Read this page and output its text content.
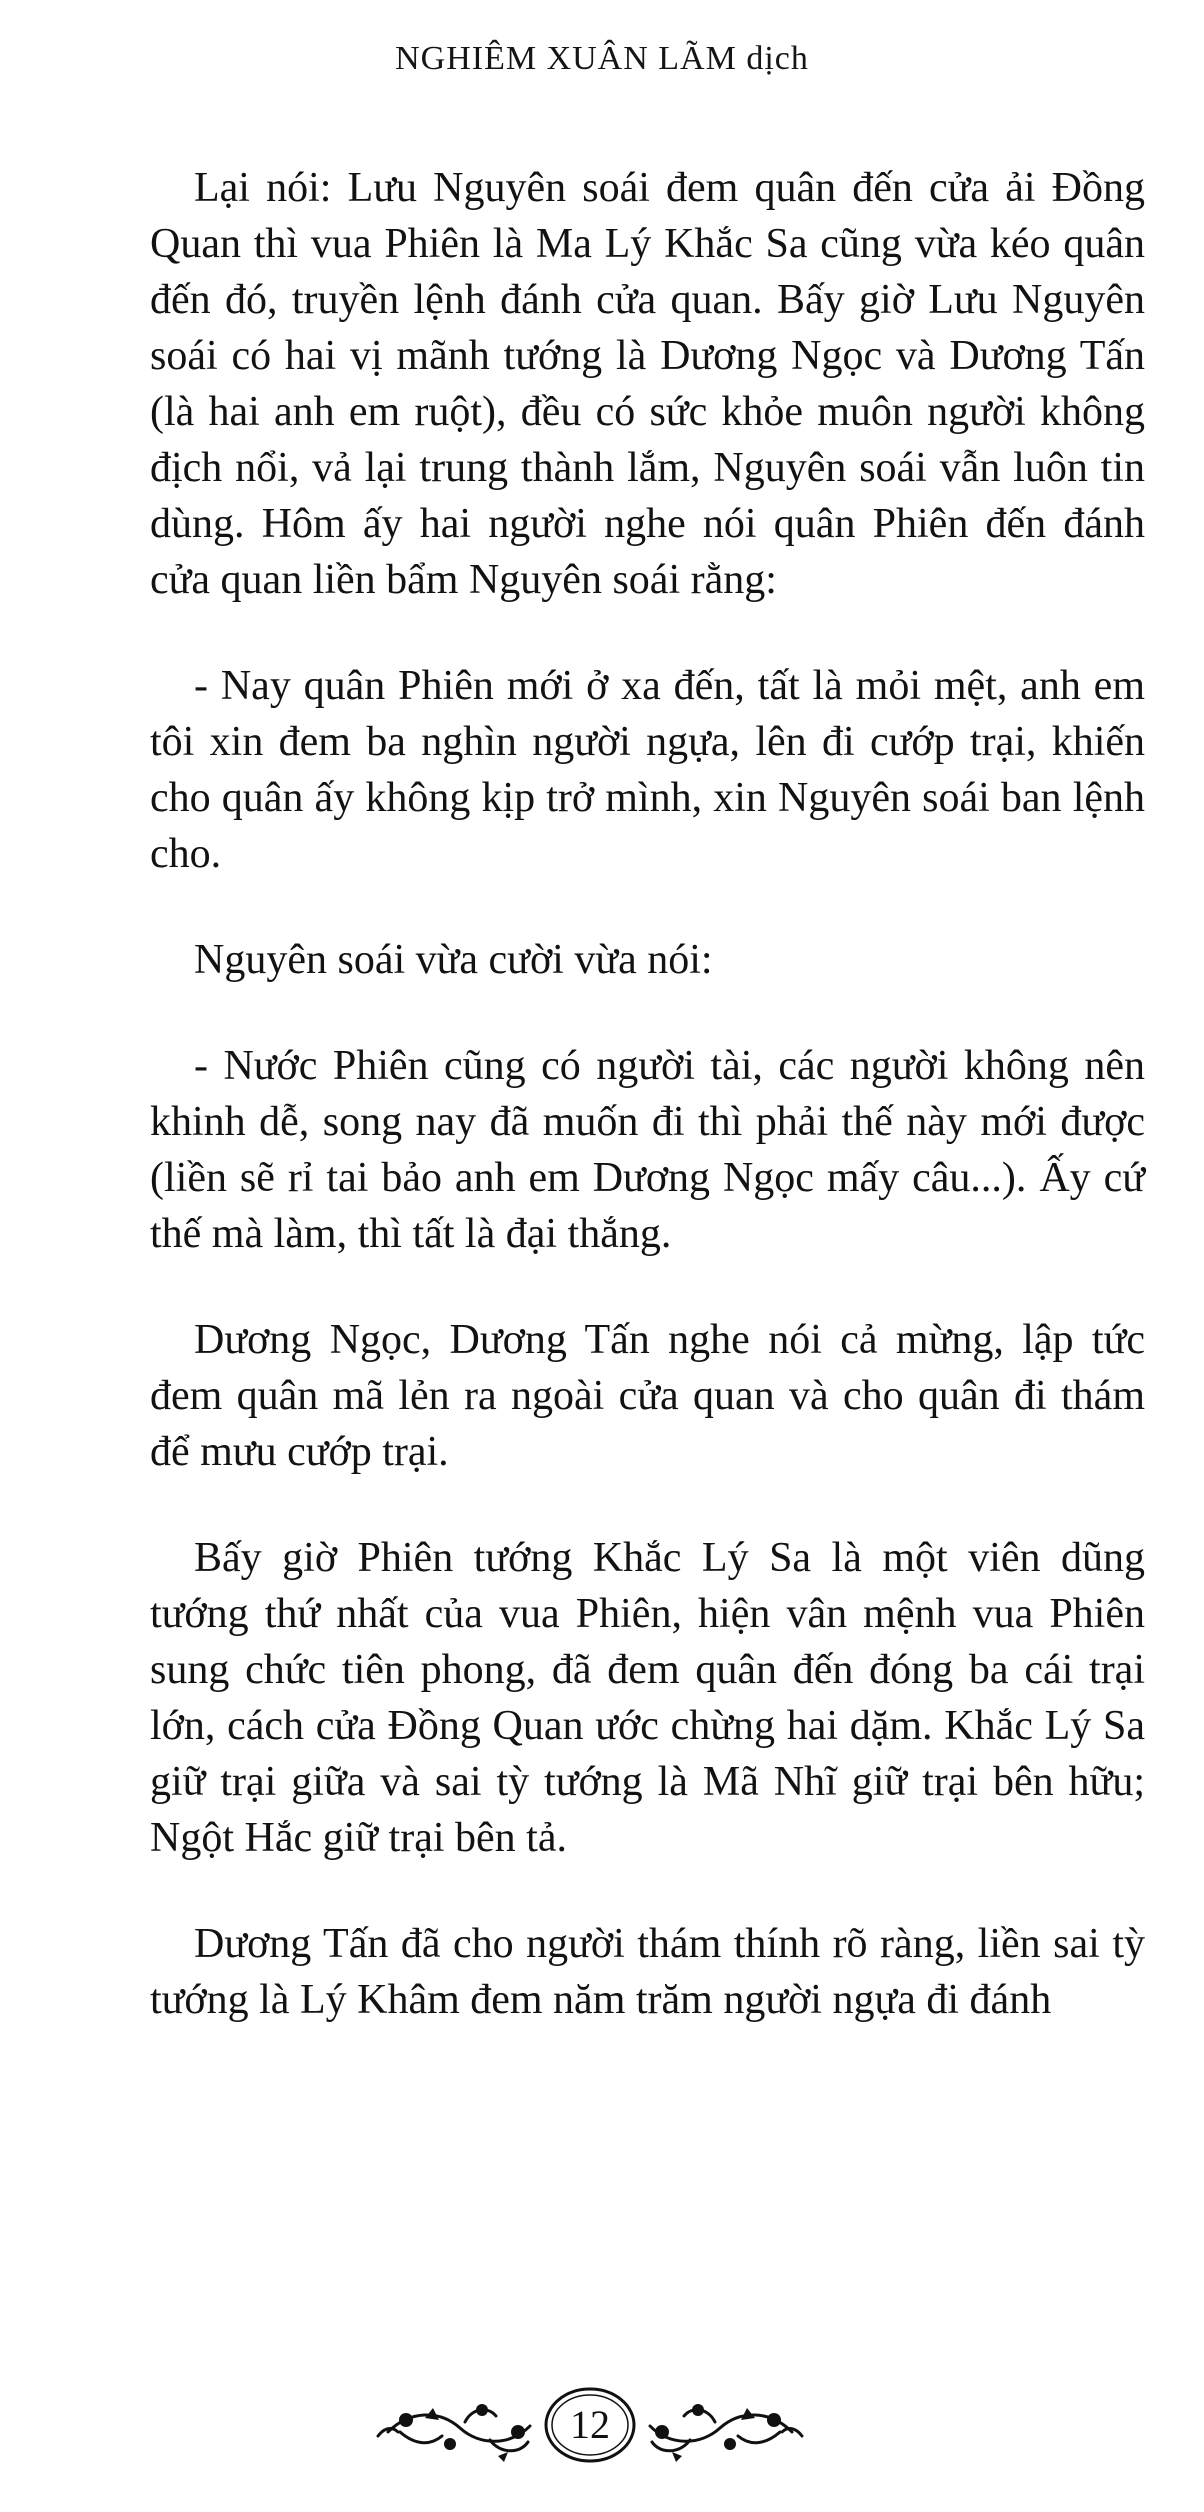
NGHIÊM XUÂN LÃM dịch

Lại nói: Lưu Nguyên soái đem quân đến cửa ải Đồng Quan thì vua Phiên là Ma Lý Khắc Sa cũng vừa kéo quân đến đó, truyền lệnh đánh cửa quan. Bấy giờ Lưu Nguyên soái có hai vị mãnh tướng là Dương Ngọc và Dương Tấn (là hai anh em ruột), đều có sức khỏe muôn người không địch nổi, vả lại trung thành lắm, Nguyên soái vẫn luôn tin dùng. Hôm ấy hai người nghe nói quân Phiên đến đánh cửa quan liền bẩm Nguyên soái rằng:

- Nay quân Phiên mới ở xa đến, tất là mỏi mệt, anh em tôi xin đem ba nghìn người ngựa, lên đi cướp trại, khiến cho quân ấy không kịp trở mình, xin Nguyên soái ban lệnh cho.

Nguyên soái vừa cười vừa nói:

- Nước Phiên cũng có người tài, các người không nên khinh dễ, song nay đã muốn đi thì phải thế này mới được (liền sẽ rỉ tai bảo anh em Dương Ngọc mấy câu...). Ấy cứ thế mà làm, thì tất là đại thắng.

Dương Ngọc, Dương Tấn nghe nói cả mừng, lập tức đem quân mã lẻn ra ngoài cửa quan và cho quân đi thám để mưu cướp trại.

Bấy giờ Phiên tướng Khắc Lý Sa là một viên dũng tướng thứ nhất của vua Phiên, hiện vân mệnh vua Phiên sung chức tiên phong, đã đem quân đến đóng ba cái trại lớn, cách cửa Đồng Quan ước chừng hai dặm. Khắc Lý Sa giữ trại giữa và sai tỳ tướng là Mã Nhĩ giữ trại bên hữu; Ngột Hắc giữ trại bên tả.

Dương Tấn đã cho người thám thính rõ ràng, liền sai tỳ tướng là Lý Khâm đem năm trăm người ngựa đi đánh

12
